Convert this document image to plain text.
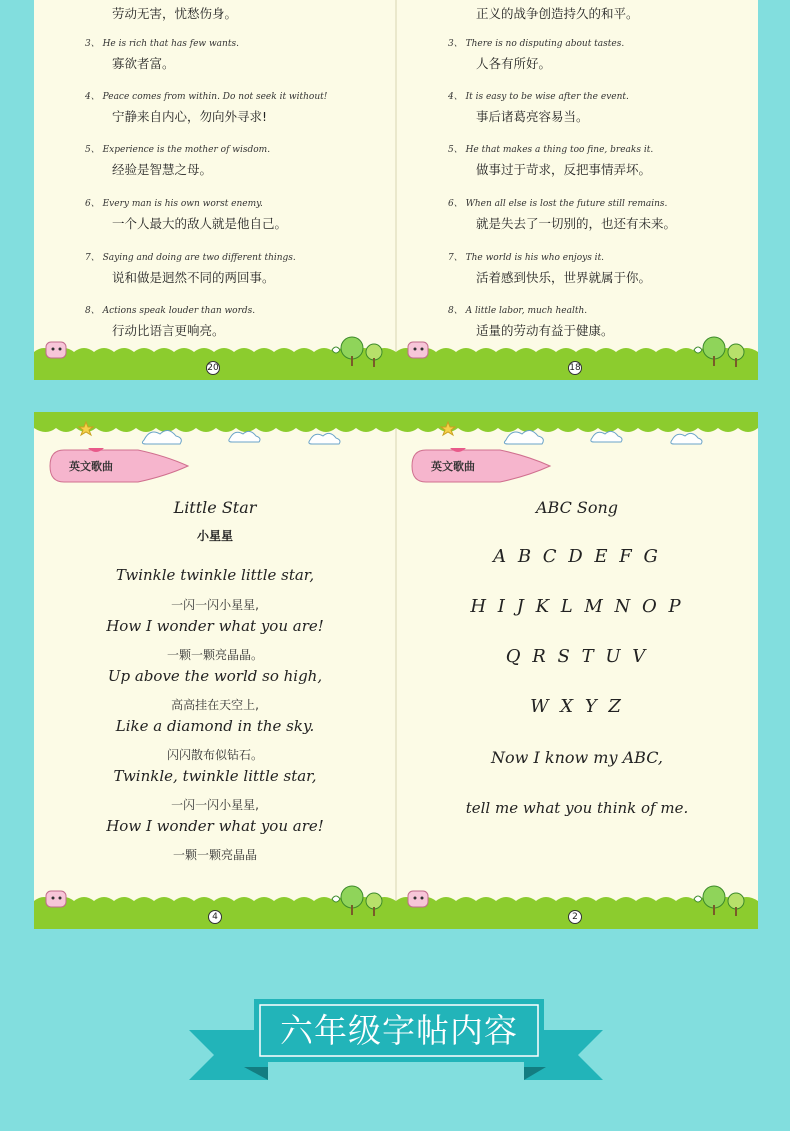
劳动无害，忧愁伤身。
3、 He is rich that has few wants.
寡欲者富。
4、 Peace comes from within. Do not seek it without!
宁静来自内心，勿向外寻求!
5、 Experience is the mother of wisdom.
经验是智慧之母。
6、 Every man is his own worst enemy.
一个人最大的敌人就是他自己。
7、 Saying and doing are two different things.
说和做是迥然不同的两回事。
8、 Actions speak louder than words.
行动比语言更响亮。
20
正义的战争创造持久的和平。
3、 There is no disputing about tastes.
人各有所好。
4、 It is easy to be wise after the event.
事后诸葛亮容易当。
5、 He that makes a thing too fine, breaks it.
做事过于苛求，反把事情弄坏。
6、 When all else is lost the future still remains.
就是失去了一切别的，也还有未来。
7、 The world is his who enjoys it.
活着感到快乐，世界就属于你。
8、 A little labor, much health.
适量的劳动有益于健康。
18
英文歌曲
Little Star
小星星
Twinkle twinkle little star,
一闪一闪小星星,
How I wonder what you are!
一颗一颗亮晶晶。
Up above the world so high,
高高挂在天空上,
Like a diamond in the sky.
闪闪散布似钻石。
Twinkle, twinkle little star,
一闪一闪小星星,
How I wonder what you are!
一颗一颗亮晶晶
4
英文歌曲
ABC Song
A B C D E F G
H I J K L M N O P
Q R S T U V
W X Y Z
Now I know my ABC,
tell me what you think of me.
2
六年级字帖内容
